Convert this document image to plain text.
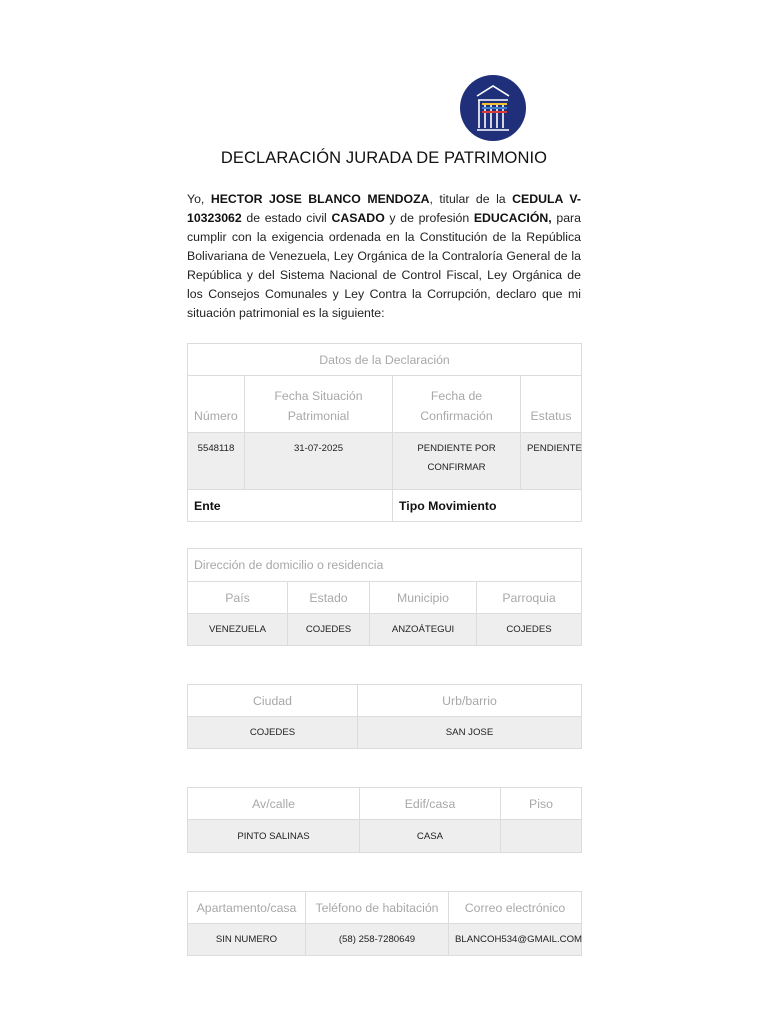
DECLARACIÓN JURADA DE PATRIMONIO
Yo, HECTOR JOSE BLANCO MENDOZA, titular de la CEDULA V-10323062 de estado civil CASADO y de profesión EDUCACIÓN, para cumplir con la exigencia ordenada en la Constitución de la República Bolivariana de Venezuela, Ley Orgánica de la Contraloría General de la República y del Sistema Nacional de Control Fiscal, Ley Orgánica de los Consejos Comunales y Ley Contra la Corrupción, declaro que mi situación patrimonial es la siguiente:
Datos de la Declaración			
Número	Fecha Situación Patrimonial	Fecha de Confirmación	Estatus
5548118	31-07-2025	PENDIENTE POR CONFIRMAR	PENDIENTE
Ente		Tipo Movimiento	
Dirección de domicilio o residencia			
País	Estado	Municipio	Parroquia
VENEZUELA	COJEDES	ANZOÁTEGUI	COJEDES
Ciudad	Urb/barrio
COJEDES	SAN JOSE
Av/calle	Edif/casa	Piso
PINTO SALINAS	CASA	
Apartamento/casa	Teléfono de habitación	Correo electrónico
SIN NUMERO	(58) 258-7280649	BLANCOH534@GMAIL.COM
